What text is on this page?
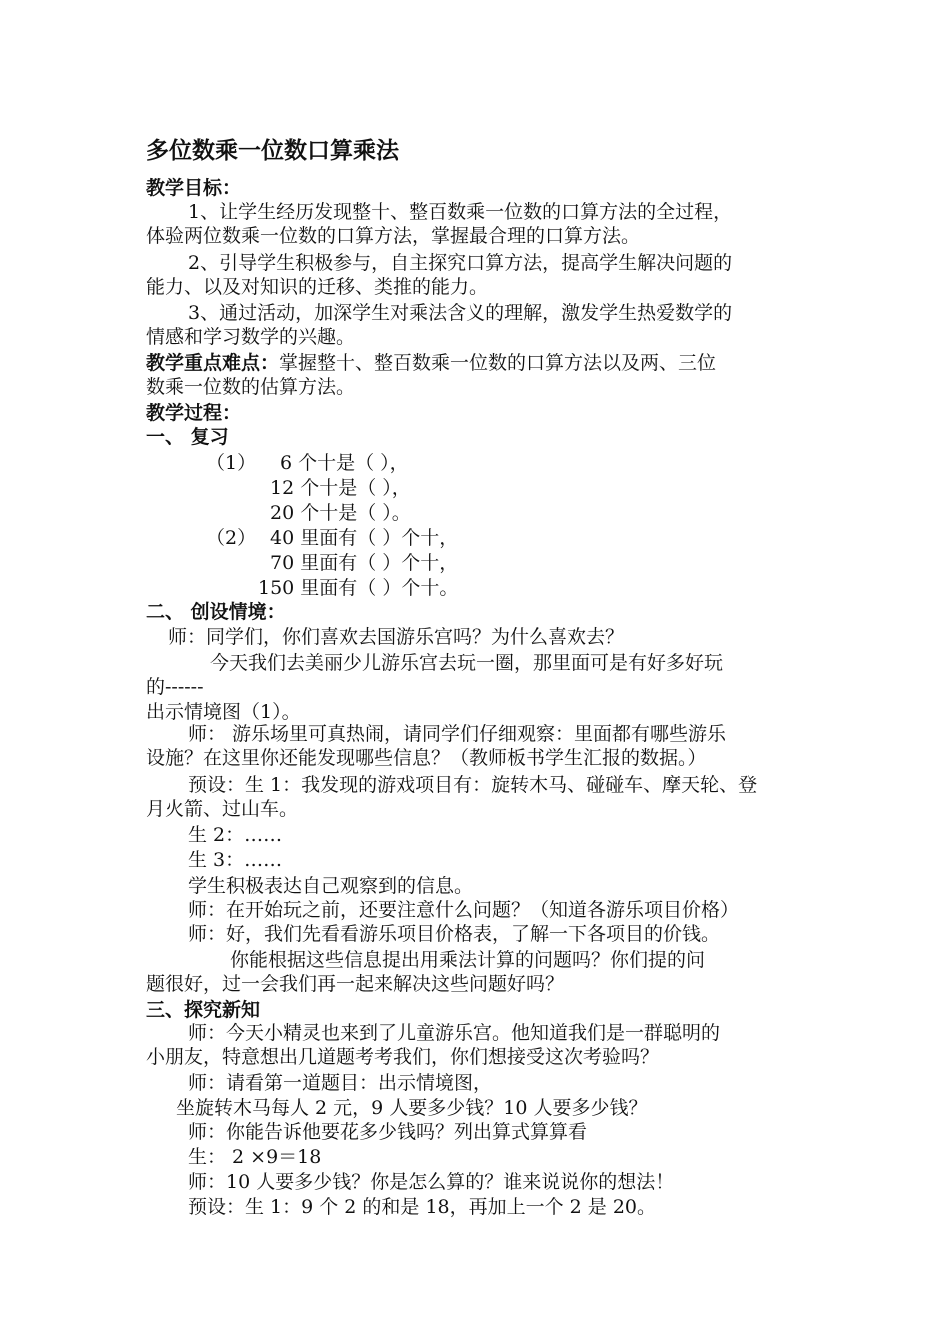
多位数乘一位数口算乘法
教学目标：
1、让学生经历发现整十、整百数乘一位数的口算方法的全过程，
体验两位数乘一位数的口算方法，掌握最合理的口算方法。
2、引导学生积极参与，自主探究口算方法，提高学生解决问题的
能力、以及对知识的迁移、类推的能力。
3、通过活动，加深学生对乘法含义的理解，激发学生热爱数学的
情感和学习数学的兴趣。
教学重点难点：掌握整十、整百数乘一位数的口算方法以及两、三位
数乘一位数的估算方法。
教学过程：
一、 复习
（1） 6 个十是（ ），
12 个十是（ ），
20 个十是（ ）。
（2） 40 里面有（ ）个十，
70 里面有（ ）个十，
150 里面有（ ）个十。
二、 创设情境：
师：同学们，你们喜欢去国游乐宫吗？为什么喜欢去？
今天我们去美丽少儿游乐宫去玩一圈，那里面可是有好多好玩
的------
出示情境图（1）。
师： 游乐场里可真热闹，请同学们仔细观察：里面都有哪些游乐
设施？在这里你还能发现哪些信息？（教师板书学生汇报的数据。）
预设：生 1：我发现的游戏项目有：旋转木马、碰碰车、摩天轮、登
月火箭、过山车。
生 2：……
生 3：……
学生积极表达自己观察到的信息。
师：在开始玩之前，还要注意什么问题？（知道各游乐项目价格）
师：好，我们先看看游乐项目价格表，了解一下各项目的价钱。
你能根据这些信息提出用乘法计算的问题吗？你们提的问
题很好，过一会我们再一起来解决这些问题好吗？
三、探究新知
师：今天小精灵也来到了儿童游乐宫。他知道我们是一群聪明的
小朋友，特意想出几道题考考我们，你们想接受这次考验吗？
师：请看第一道题目：出示情境图，
坐旋转木马每人 2 元，9 人要多少钱？10 人要多少钱？
师：你能告诉他要花多少钱吗？列出算式算算看
生： 2 ×9＝18
师：10 人要多少钱？你是怎么算的？谁来说说你的想法！
预设：生 1：9 个 2 的和是 18，再加上一个 2 是 20。
